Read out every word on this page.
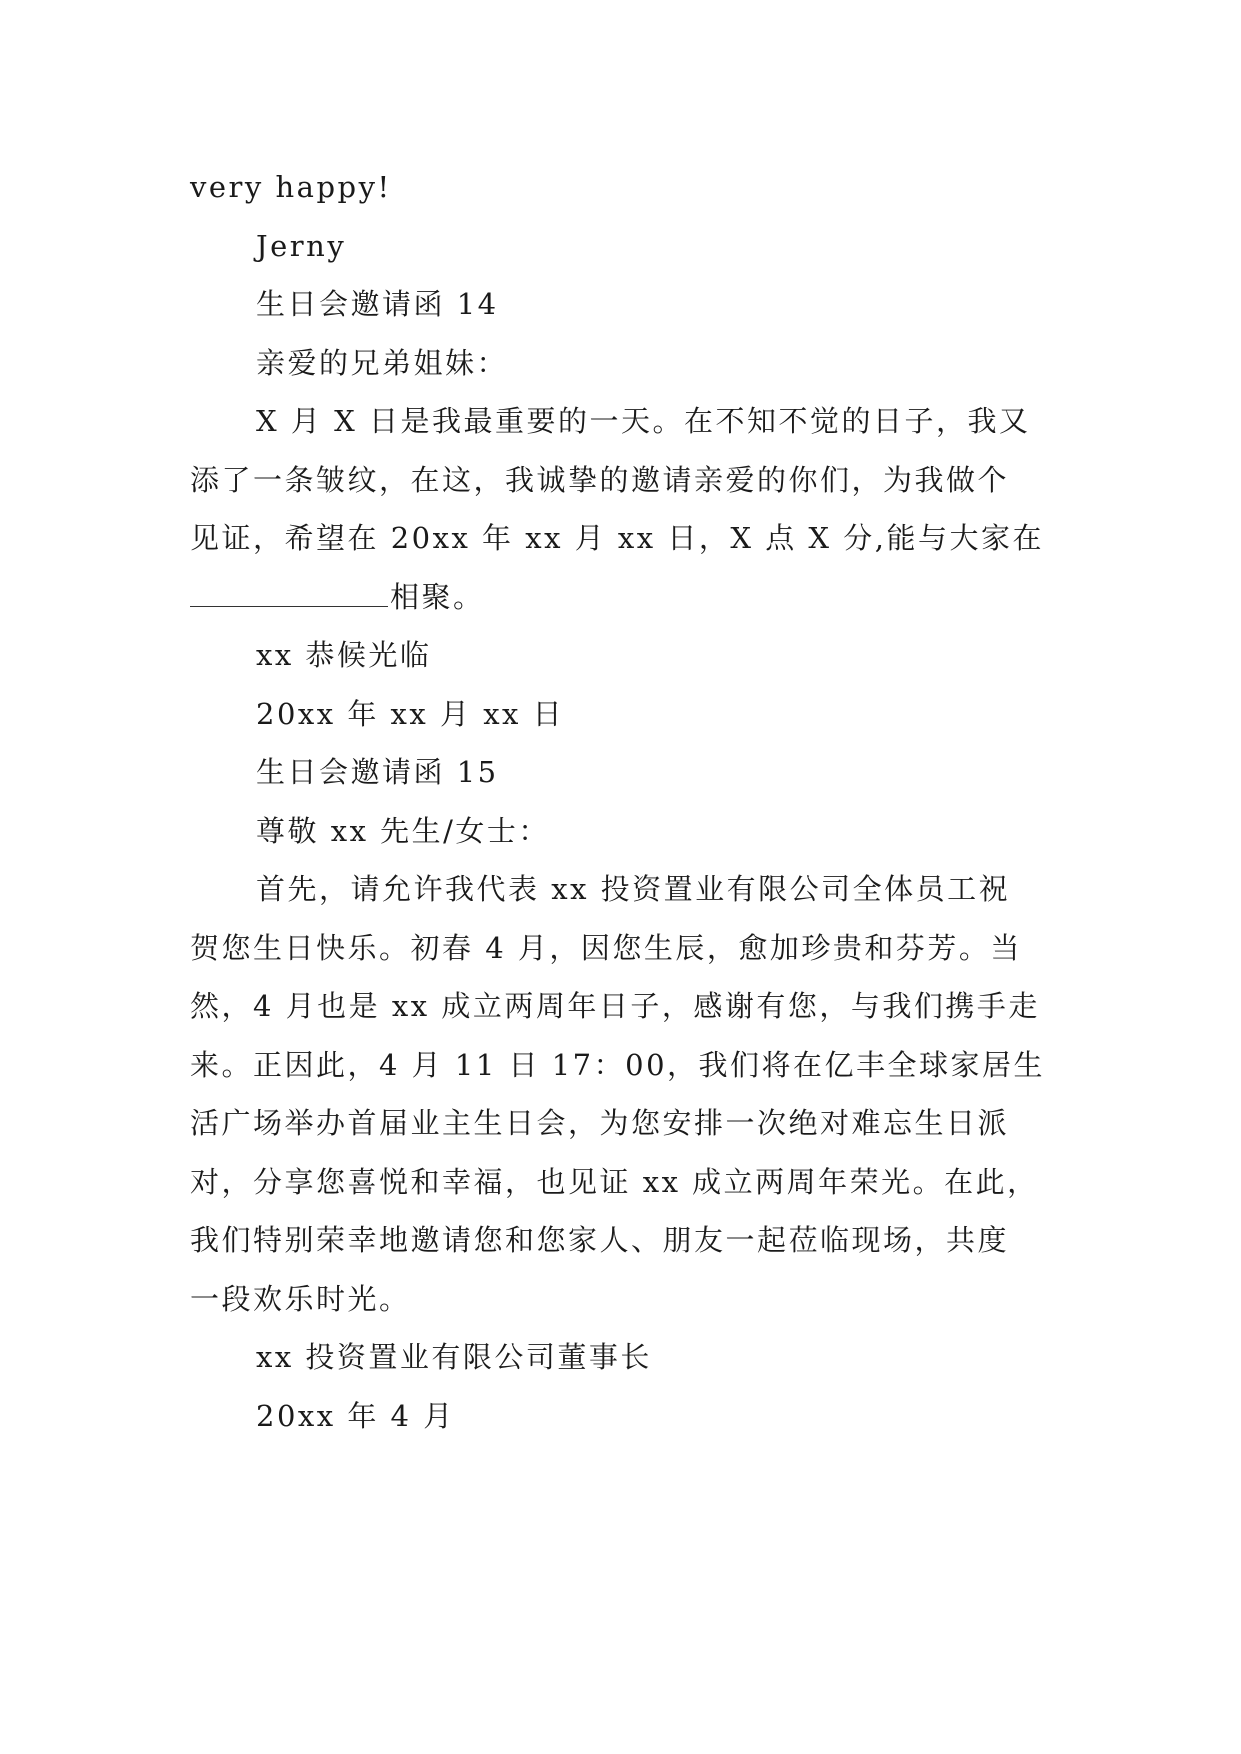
very happy!

Jerny

生日会邀请函 14

亲爱的兄弟姐妹：

X 月 X 日是我最重要的一天。在不知不觉的日子，我又

添了一条皱纹，在这，我诚挚的邀请亲爱的你们，为我做个

见证，希望在 20xx 年 xx 月 xx 日，X 点 X 分,能与大家在

相聚。

xx 恭候光临

20xx 年 xx 月 xx 日

生日会邀请函 15

尊敬 xx 先生/女士：

首先，请允许我代表 xx 投资置业有限公司全体员工祝

贺您生日快乐。初春 4 月，因您生辰，愈加珍贵和芬芳。当

然，4 月也是 xx 成立两周年日子，感谢有您，与我们携手走

来。正因此，4 月 11 日 17：00，我们将在亿丰全球家居生

活广场举办首届业主生日会，为您安排一次绝对难忘生日派

对，分享您喜悦和幸福，也见证 xx 成立两周年荣光。在此，

我们特别荣幸地邀请您和您家人、朋友一起莅临现场，共度

一段欢乐时光。

xx 投资置业有限公司董事长

20xx 年 4 月
